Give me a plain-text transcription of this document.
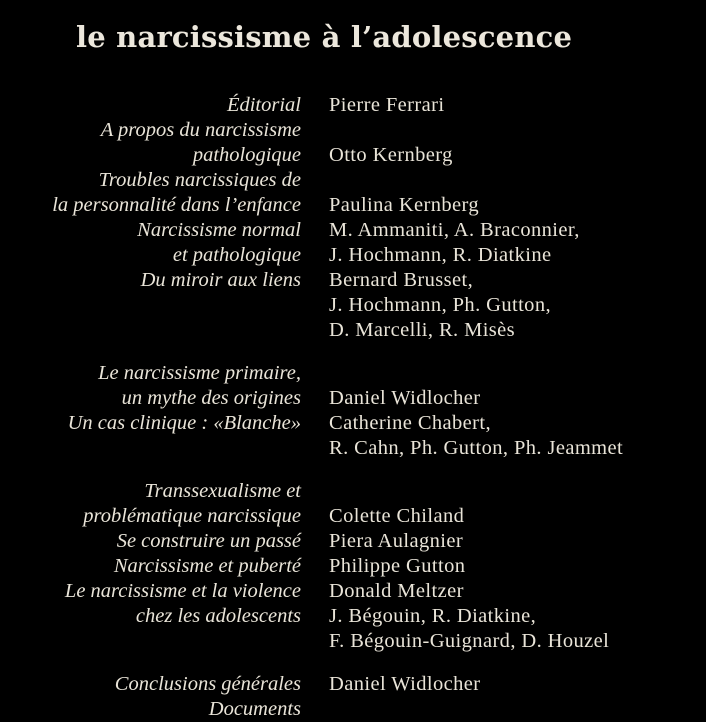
le narcissisme à l’adolescence
Éditorial Pierre Ferrari
A propos du narcissisme
pathologique Otto Kernberg
Troubles narcissiques de
la personnalité dans l’enfance Paulina Kernberg
Narcissisme normal
et pathologique
M. Ammaniti, A. Braconnier,
J. Hochmann, R. Diatkine
Du miroir aux liens Bernard Brusset,
J. Hochmann, Ph. Gutton,
D. Marcelli, R. Misès
Le narcissisme primaire,
un mythe des origines Daniel Widlocher
Un cas clinique : «Blanche» Catherine Chabert,
R. Cahn, Ph. Gutton, Ph. Jeammet
Transsexualisme et
problématique narcissique Colette Chiland
Se construire un passé Piera Aulagnier
Narcissisme et puberté Philippe Gutton
Le narcissisme et la violence
chez les adolescents
Donald Meltzer
J. Bégouin, R. Diatkine,
F. Bégouin-Guignard, D. Houzel
Conclusions générales
Documents
Daniel Widlocher
